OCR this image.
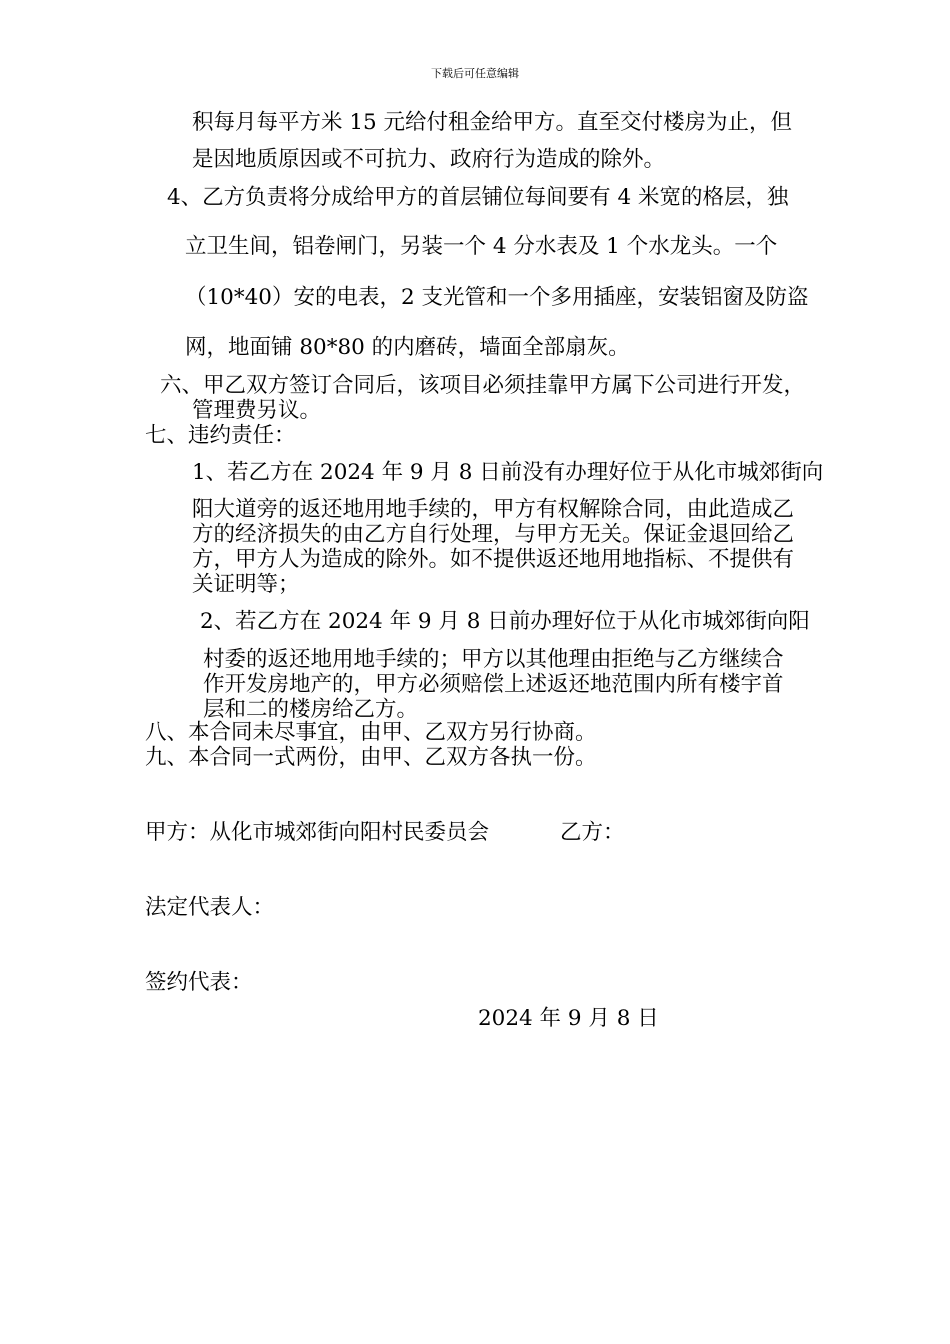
下载后可任意编辑

积每月每平方米 15 元给付租金给甲方。直至交付楼房为止，但

是因地质原因或不可抗力、政府行为造成的除外。

4、乙方负责将分成给甲方的首层铺位每间要有 4 米宽的格层，独

立卫生间，铝卷闸门，另装一个 4 分水表及 1 个水龙头。一个

（10*40）安的电表，2 支光管和一个多用插座，安装铝窗及防盗

网，地面铺 80*80 的内磨砖，墙面全部扇灰。

六、甲乙双方签订合同后，该项目必须挂靠甲方属下公司进行开发，

管理费另议。

七、违约责任：

1、若乙方在 2024 年 9 月 8 日前没有办理好位于从化市城郊街向

阳大道旁的返还地用地手续的，甲方有权解除合同，由此造成乙

方的经济损失的由乙方自行处理，与甲方无关。保证金退回给乙

方，甲方人为造成的除外。如不提供返还地用地指标、不提供有

关证明等；

2、若乙方在 2024 年 9 月 8 日前办理好位于从化市城郊街向阳

村委的返还地用地手续的；甲方以其他理由拒绝与乙方继续合

作开发房地产的，甲方必须赔偿上述返还地范围内所有楼宇首

层和二的楼房给乙方。

八、本合同未尽事宜，由甲、乙双方另行协商。

九、本合同一式两份，由甲、乙双方各执一份。

甲方：从化市城郊街向阳村民委员会	乙方：

法定代表人：

签约代表：

2024 年 9 月 8 日
